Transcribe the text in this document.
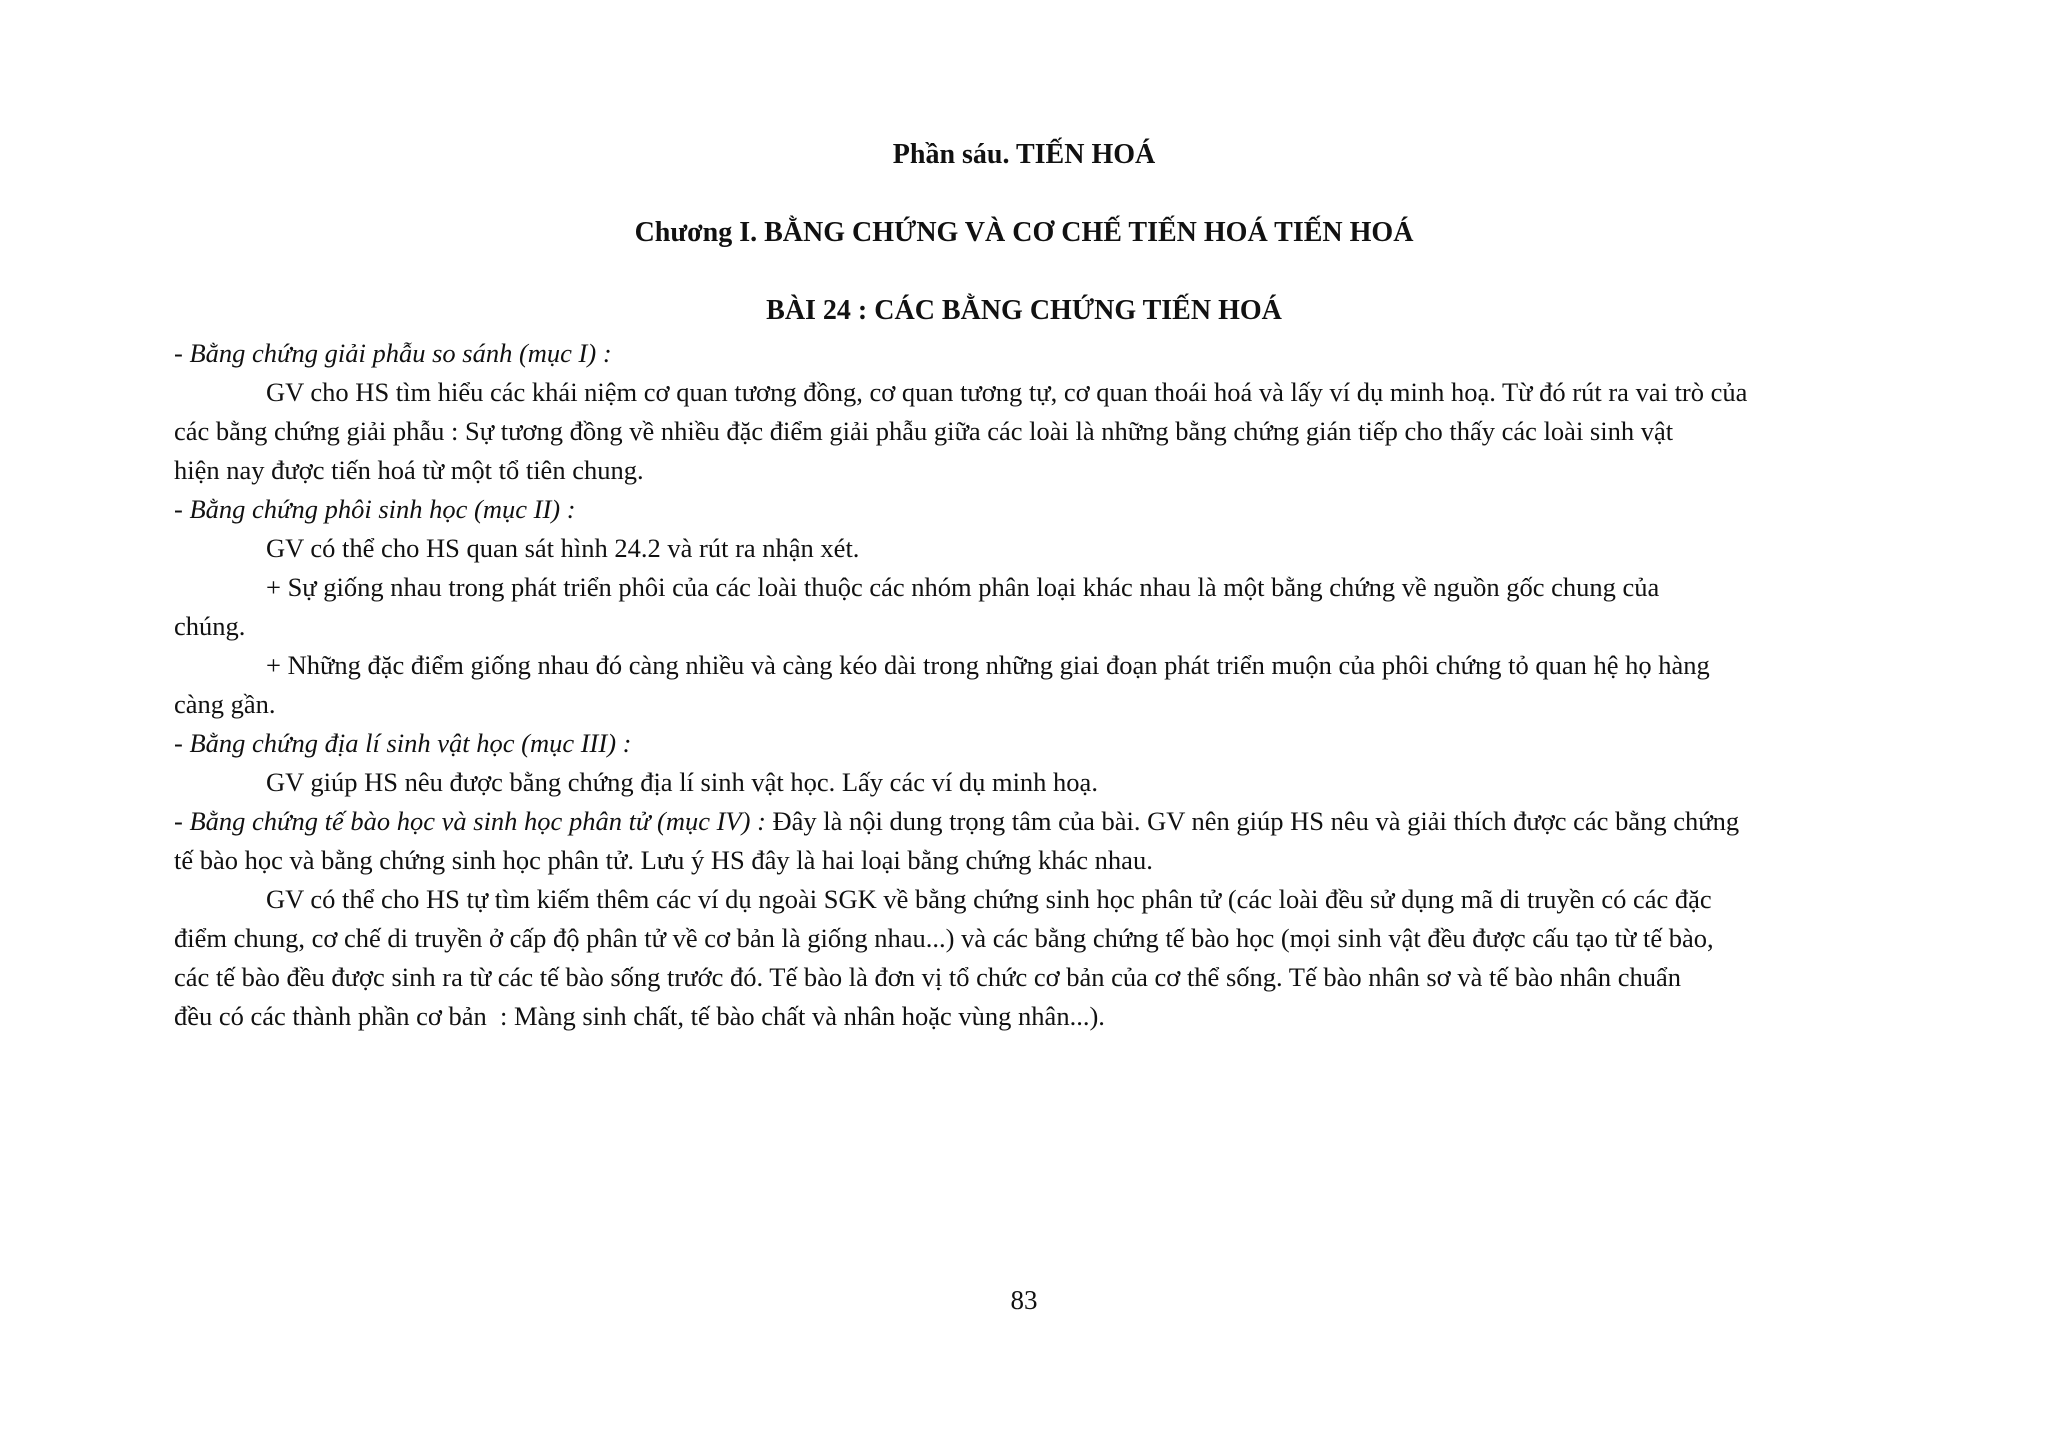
Phần sáu. TIẾN HOÁ
Chương I. BẰNG CHỨNG VÀ CƠ CHẾ TIẾN HOÁ TIẾN HOÁ
BÀI 24 : CÁC BẰNG CHỨNG TIẾN HOÁ

- Bằng chứng giải phẫu so sánh (mục I) :

GV cho HS tìm hiểu các khái niệm cơ quan tương đồng, cơ quan tương tự, cơ quan thoái hoá và lấy ví dụ minh hoạ. Từ đó rút ra vai trò của

các bằng chứng giải phẫu : Sự tương đồng về nhiều đặc điểm giải phẫu giữa các loài là những bằng chứng gián tiếp cho thấy các loài sinh vật

hiện nay được tiến hoá từ một tổ tiên chung.

- Bằng chứng phôi sinh học (mục II) :

GV có thể cho HS quan sát hình 24.2 và rút ra nhận xét.

+ Sự giống nhau trong phát triển phôi của các loài thuộc các nhóm phân loại khác nhau là một bằng chứng về nguồn gốc chung của

chúng.

+ Những đặc điểm giống nhau đó càng nhiều và càng kéo dài trong những giai đoạn phát triển muộn của phôi chứng tỏ quan hệ họ hàng

càng gần.

- Bằng chứng địa lí sinh vật học (mục III) :

GV giúp HS nêu được bằng chứng địa lí sinh vật học. Lấy các ví dụ minh hoạ.

- Bằng chứng tế bào học và sinh học phân tử (mục IV) : Đây là nội dung trọng tâm của bài. GV nên giúp HS nêu và giải thích được các bằng chứng

tế bào học và bằng chứng sinh học phân tử. Lưu ý HS đây là hai loại bằng chứng khác nhau.

GV có thể cho HS tự tìm kiếm thêm các ví dụ ngoài SGK về bằng chứng sinh học phân tử (các loài đều sử dụng mã di truyền có các đặc

điểm chung, cơ chế di truyền ở cấp độ phân tử về cơ bản là giống nhau...) và các bằng chứng tế bào học (mọi sinh vật đều được cấu tạo từ tế bào,

các tế bào đều được sinh ra từ các tế bào sống trước đó. Tế bào là đơn vị tổ chức cơ bản của cơ thể sống. Tế bào nhân sơ và tế bào nhân chuẩn

đều có các thành phần cơ bản  : Màng sinh chất, tế bào chất và nhân hoặc vùng nhân...).

83
